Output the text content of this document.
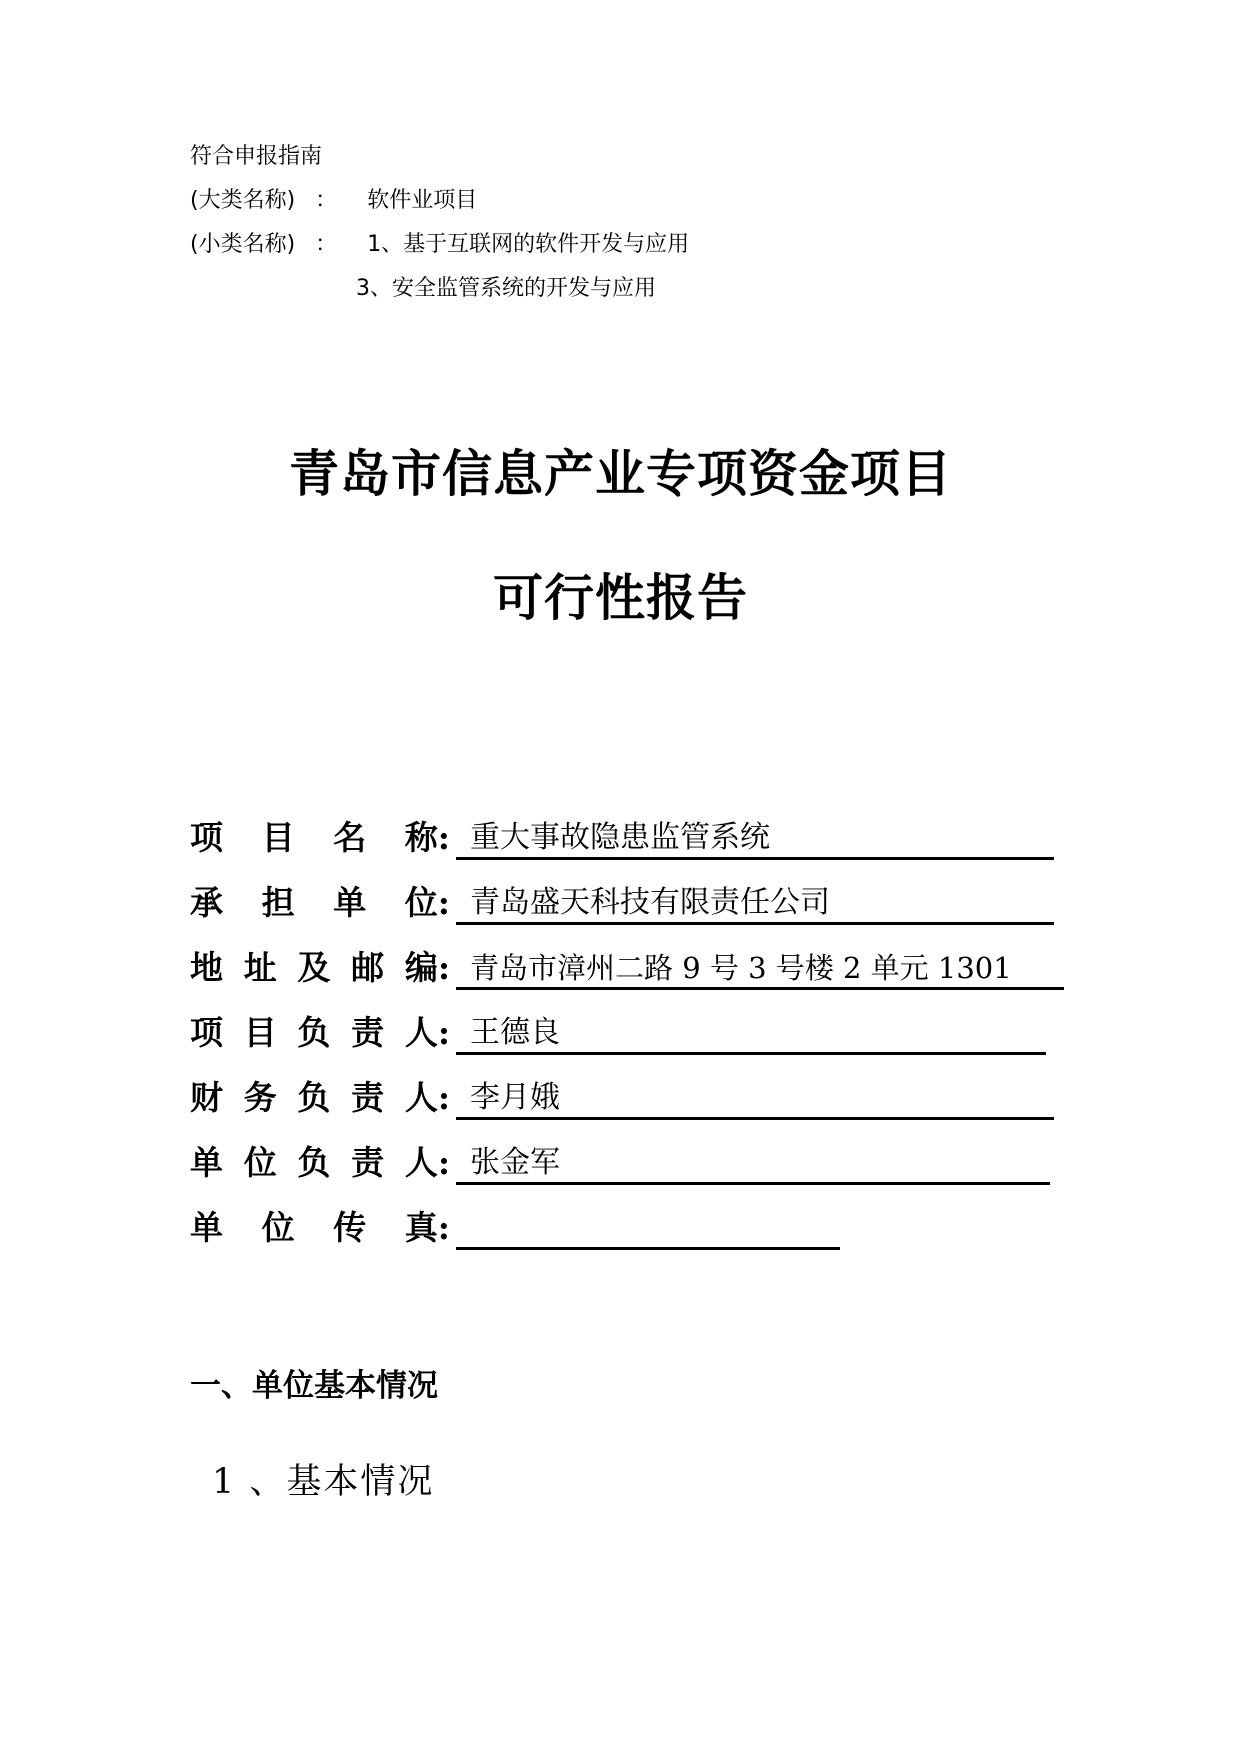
符合申报指南
(大类名称) ： 软件业项目
(小类名称) ： 1、基于互联网的软件开发与应用
3、安全监管系统的开发与应用
青岛市信息产业专项资金项目
可行性报告
项 目 名 称: 重大事故隐患监管系统
承 担 单 位: 青岛盛天科技有限责任公司
地 址 及 邮 编: 青岛市漳州二路 9 号 3 号楼 2 单元 1301
项 目 负 责 人: 王德良
财 务 负 责 人: 李月娥
单 位 负 责 人: 张金军
单 位 传 真:
一、单位基本情况
1 、基本情况
